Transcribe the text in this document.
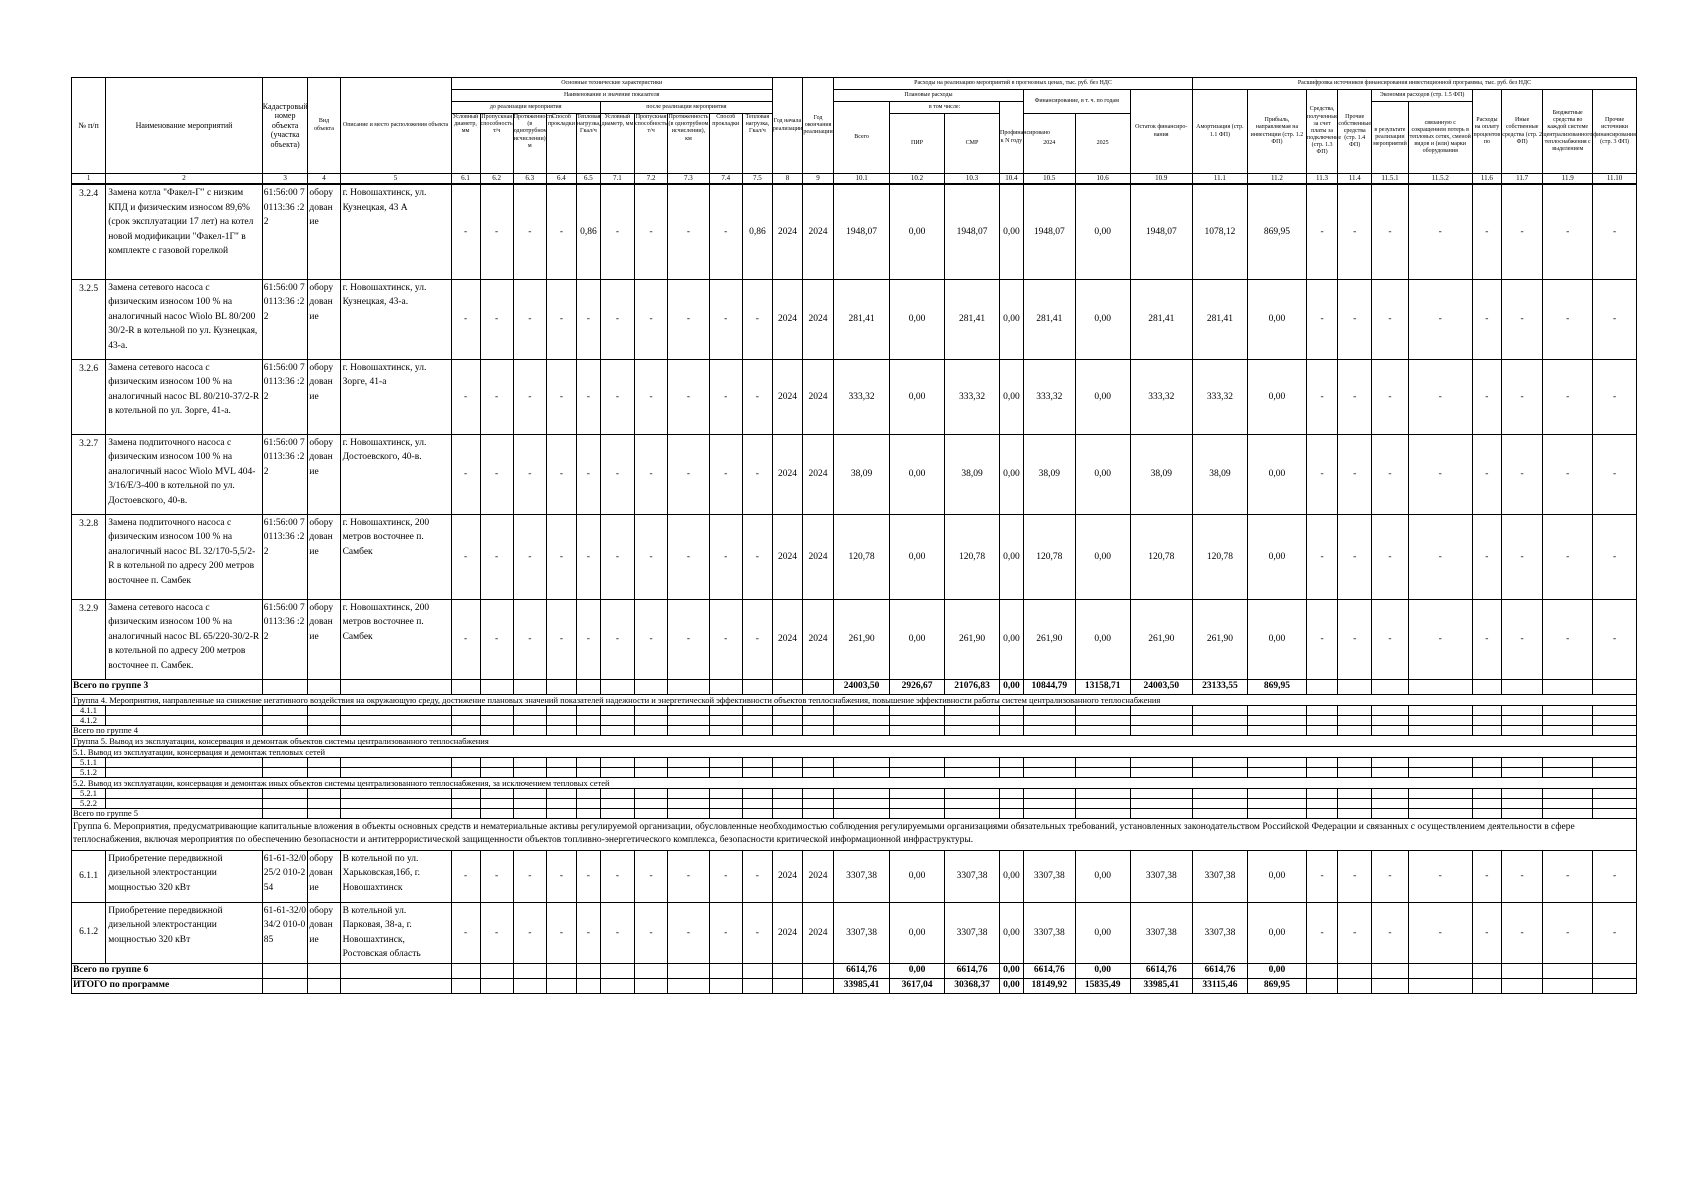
№ п/п	Наименование мероприятий	Кадастровый номер объекта (участка объекта)	Вид объекта	Описание и место расположения объекта	Основные технические характеристики										Год начала реализации	Год окончания реализации	Расходы на реализацию мероприятий в прогнозных ценах, тыс. руб. без НДС							Расшифровка источников финансирования инвестиционной программы, тыс. руб. без НДС									
					Наименование и значение показателя												Плановые расходы				Финансирование, в т. ч. по годам		Остаток финансиро-вания	Амортизация (стр. 1.1 ФП)	Прибыль, направляемая на инвестиции (стр. 1.2 ФП)	Средства, полученные за счет платы за подключение (стр. 1.3 ФП)	Прочие собственные средства (стр. 1.4 ФП)	Экономия расходов (стр. 1.5 ФП)		Расходы на оплату процентов по	Иные собственные средства (стр. 2 ФП)	Бюджетные средства во каждой системе централизованного теплоснабжения с выделением	Прочие источники финансирования (стр. 3 ФП)
					до реализации мероприятия					после реализации мероприятия							Всего	в том числе:		Профинансировано к N году								в результате реализации мероприятий	связанную с сокращением потерь в тепловых сетях, сменой видов и (или) марки оборудования				
					Условный диаметр, мм	Пропускная способность, т/ч	Протяженность (в однотрубном исчислении), м	Способ прокладки	Тепловая нагрузка, Гкал/ч	Условный диаметр, мм	Пропускная способность, т/ч	Протяженность (в однотрубном исчислении), км	Способ прокладки	Тепловая нагрузка, Гкал/ч				ПИР	СМР		2024	2025											
1	2	3	4	5	6.1	6.2	6.3	6.4	6.5	7.1	7.2	7.3	7.4	7.5	8	9	10.1	10.2	10.3	10.4	10.5	10.6	10.9	11.1	11.2	11.3	11.4	11.5.1	11.5.2	11.6	11.7	11.9	11.10
3.2.4	Замена котла "Факел-Г" с низким КПД и физическим износом 89,6% (срок эксплуатации 17 лет) на котел новой модификации "Факел-1Г" в комплекте с газовой горелкой	61:56:00 70113:36 :22	обору дован ие	г. Новошахтинск, ул. Кузнецкая, 43 А	-	-	-	-	0,86	-	-	-	-	0,86	2024	2024	1948,07	0,00	1948,07	0,00	1948,07	0,00	1948,07	1078,12	869,95	-	-	-	-	-	-	-	-
3.2.5	Замена сетевого насоса с физическим износом 100 % на аналогичный насос Wiolo BL 80/200 30/2-R в котельной по ул. Кузнецкая, 43-а.	61:56:00 70113:36 :22	обору дован ие	г. Новошахтинск, ул. Кузнецкая, 43-а.	-	-	-	-	-	-	-	-	-	-	2024	2024	281,41	0,00	281,41	0,00	281,41	0,00	281,41	281,41	0,00	-	-	-	-	-	-	-	-
3.2.6	Замена сетевого насоса с физическим износом 100 % на аналогичный насос BL 80/210-37/2-R в котельной по ул. Зорге, 41-а.	61:56:00 70113:36 :22	обору дован ие	г. Новошахтинск, ул. Зорге, 41-а	-	-	-	-	-	-	-	-	-	-	2024	2024	333,32	0,00	333,32	0,00	333,32	0,00	333,32	333,32	0,00	-	-	-	-	-	-	-	-
3.2.7	Замена подпиточного насоса с физическим износом 100 % на аналогичный насос Wiolo MVL 404-3/16/E/3-400 в котельной по ул. Достоевского, 40-в.	61:56:00 70113:36 :22	обору дован ие	г. Новошахтинск, ул. Достоевского, 40-в.	-	-	-	-	-	-	-	-	-	-	2024	2024	38,09	0,00	38,09	0,00	38,09	0,00	38,09	38,09	0,00	-	-	-	-	-	-	-	-
3.2.8	Замена подпиточного насоса с физическим износом 100 % на аналогичный насос BL 32/170-5,5/2-R в котельной по адресу 200 метров восточнее п. Самбек	61:56:00 70113:36 :22	обору дован ие	г. Новошахтинск, 200 метров восточнее п. Самбек	-	-	-	-	-	-	-	-	-	-	2024	2024	120,78	0,00	120,78	0,00	120,78	0,00	120,78	120,78	0,00	-	-	-	-	-	-	-	-
3.2.9	Замена сетевого насоса с физическим износом 100 % на аналогичный насос BL 65/220-30/2-R в котельной по адресу 200 метров восточнее п. Самбек.	61:56:00 70113:36 :22	обору дован ие	г. Новошахтинск, 200 метров восточнее п. Самбек	-	-	-	-	-	-	-	-	-	-	2024	2024	261,90	0,00	261,90	0,00	261,90	0,00	261,90	261,90	0,00	-	-	-	-	-	-	-	-
Всего по группе 3																	24003,50	2926,67	21076,83	0,00	10844,79	13158,71	24003,50	23133,55	869,95								
Группа 4. Мероприятия, направленные на снижение негативного воздействия на окружающую среду, достижение плановых значений показателей надежности и энергетической эффективности объектов теплоснабжения, повышение эффективности работы систем централизованного теплоснабжения																																	
4.1.1																																	
4.1.2																																	
Всего по группе 4																																	
Группа 5. Вывод из эксплуатации, консервация и демонтаж объектов системы централизованного теплоснабжения																																	
5.1. Вывод из эксплуатации, консервация и демонтаж тепловых сетей																																	
5.1.1																																	
5.1.2																																	
5.2. Вывод из эксплуатации, консервация и демонтаж иных объектов системы централизованного теплоснабжения, за исключением тепловых сетей																																	
5.2.1																																	
5.2.2																																	
Всего по группе 5																																	
Группа 6. Мероприятия, предусматривающие капитальные вложения в объекты основных средств и нематериальные активы регулируемой организации, обусловленные необходимостью соблюдения регулируемыми организациями обязательных требований, установленных законодательством Российской Федерации и связанных с осуществлением деятельности в сфере теплоснабжения, включая мероприятия по обеспечению безопасности и антитеррористической защищенности объектов топливно-энергетического комплекса, безопасности критической информационной инфраструктуры.																																	
6.1.1	Приобретение передвижной дизельной электростанции мощностью 320 кВт	61-61-32/025/2 010-254	обору дован ие	В котельной по ул. Харьковская,16б, г. Новошахтинск	-	-	-	-	-	-	-	-	-	-	2024	2024	3307,38	0,00	3307,38	0,00	3307,38	0,00	3307,38	3307,38	0,00	-	-	-	-	-	-	-	-
6.1.2	Приобретение передвижной дизельной электростанции мощностью 320 кВт	61-61-32/034/2 010-085	обору дован ие	В котельной ул. Парковая, 38-а, г. Новошахтинск, Ростовская область	-	-	-	-	-	-	-	-	-	-	2024	2024	3307,38	0,00	3307,38	0,00	3307,38	0,00	3307,38	3307,38	0,00	-	-	-	-	-	-	-	-
Всего по группе 6																	6614,76	0,00	6614,76	0,00	6614,76	0,00	6614,76	6614,76	0,00								
ИТОГО по программе																	33985,41	3617,04	30368,37	0,00	18149,92	15835,49	33985,41	33115,46	869,95								
